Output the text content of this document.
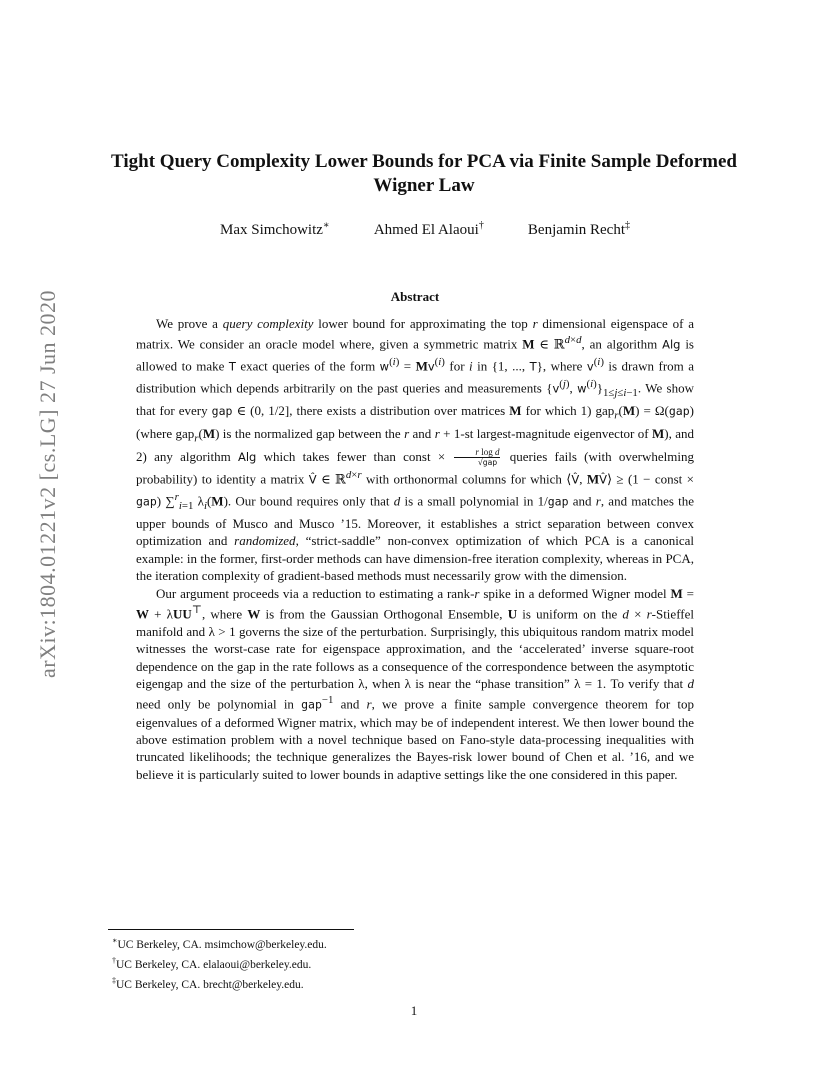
arXiv:1804.01221v2 [cs.LG] 27 Jun 2020
Tight Query Complexity Lower Bounds for PCA via Finite Sample Deformed Wigner Law
Max Simchowitz∗	Ahmed El Alaoui†	Benjamin Recht‡
Abstract

We prove a query complexity lower bound for approximating the top r dimensional eigenspace of a matrix. We consider an oracle model where, given a symmetric matrix M ∈ ℝ$^{d\times d}$, an algorithm Alg is allowed to make T exact queries of the form $w^{(i)} = Mv^{(i)}$ for i in {1, ..., T}, where $v^{(i)}$ is drawn from a distribution which depends arbitrarily on the past queries and measurements {$v^{(j)}$, $w^{(i)}\}_{1\le j\le i-1}$. We show that for every gap ∈ (0, 1/2], there exists a distribution over matrices M for which 1) gap$_r$(M) = Ω(gap) (where gap$_r$(M) is the normalized gap between the r and r + 1-st largest-magnitude eigenvector of M), and 2) any algorithm Alg which takes fewer than const × $\frac{\text{r log d}}{\text{√gap}}$ queries fails (with overwhelming probability) to identity a matrix V̂ ∈ ℝ$^{d\times r}$ with orthonormal columns for which ⟨V̂, MV̂⟩ ≥ (1 − const × gap) ∑$^r_{i=1}$ $\lambda_i(M)$. Our bound requires only that d is a small polynomial in 1/gap and r, and matches the upper bounds of Musco and Musco ’15. Moreover, it establishes a strict separation between convex optimization and randomized, “strict-saddle” non-convex optimization of which PCA is a canonical example: in the former, first-order methods can have dimension-free iteration complexity, whereas in PCA, the iteration complexity of gradient-based methods must necessarily grow with the dimension.

Our argument proceeds via a reduction to estimating a rank-r spike in a deformed Wigner model M = W + λUU⊤, where W is from the Gaussian Orthogonal Ensemble, U is uniform on the d × r-Stieffel manifold and λ > 1 governs the size of the perturbation. Surprisingly, this ubiquitous random matrix model witnesses the worst-case rate for eigenspace approximation, and the ‘accelerated’ inverse square-root dependence on the gap in the rate follows as a consequence of the correspondence between the asymptotic eigengap and the size of the perturbation λ, when λ is near the “phase transition” λ = 1. To verify that d need only be polynomial in gap$^{-1}$ and r, we prove a finite sample convergence theorem for top eigenvalues of a deformed Wigner matrix, which may be of independent interest. We then lower bound the above estimation problem with a novel technique based on Fano-style data-processing inequalities with truncated likelihoods; the technique generalizes the Bayes-risk lower bound of Chen et al. ’16, and we believe it is particularly suited to lower bounds in adaptive settings like the one considered in this paper.

∗UC Berkeley, CA. msimchow@berkeley.edu.
†UC Berkeley, CA. elalaoui@berkeley.edu.
‡UC Berkeley, CA. brecht@berkeley.edu.
1
